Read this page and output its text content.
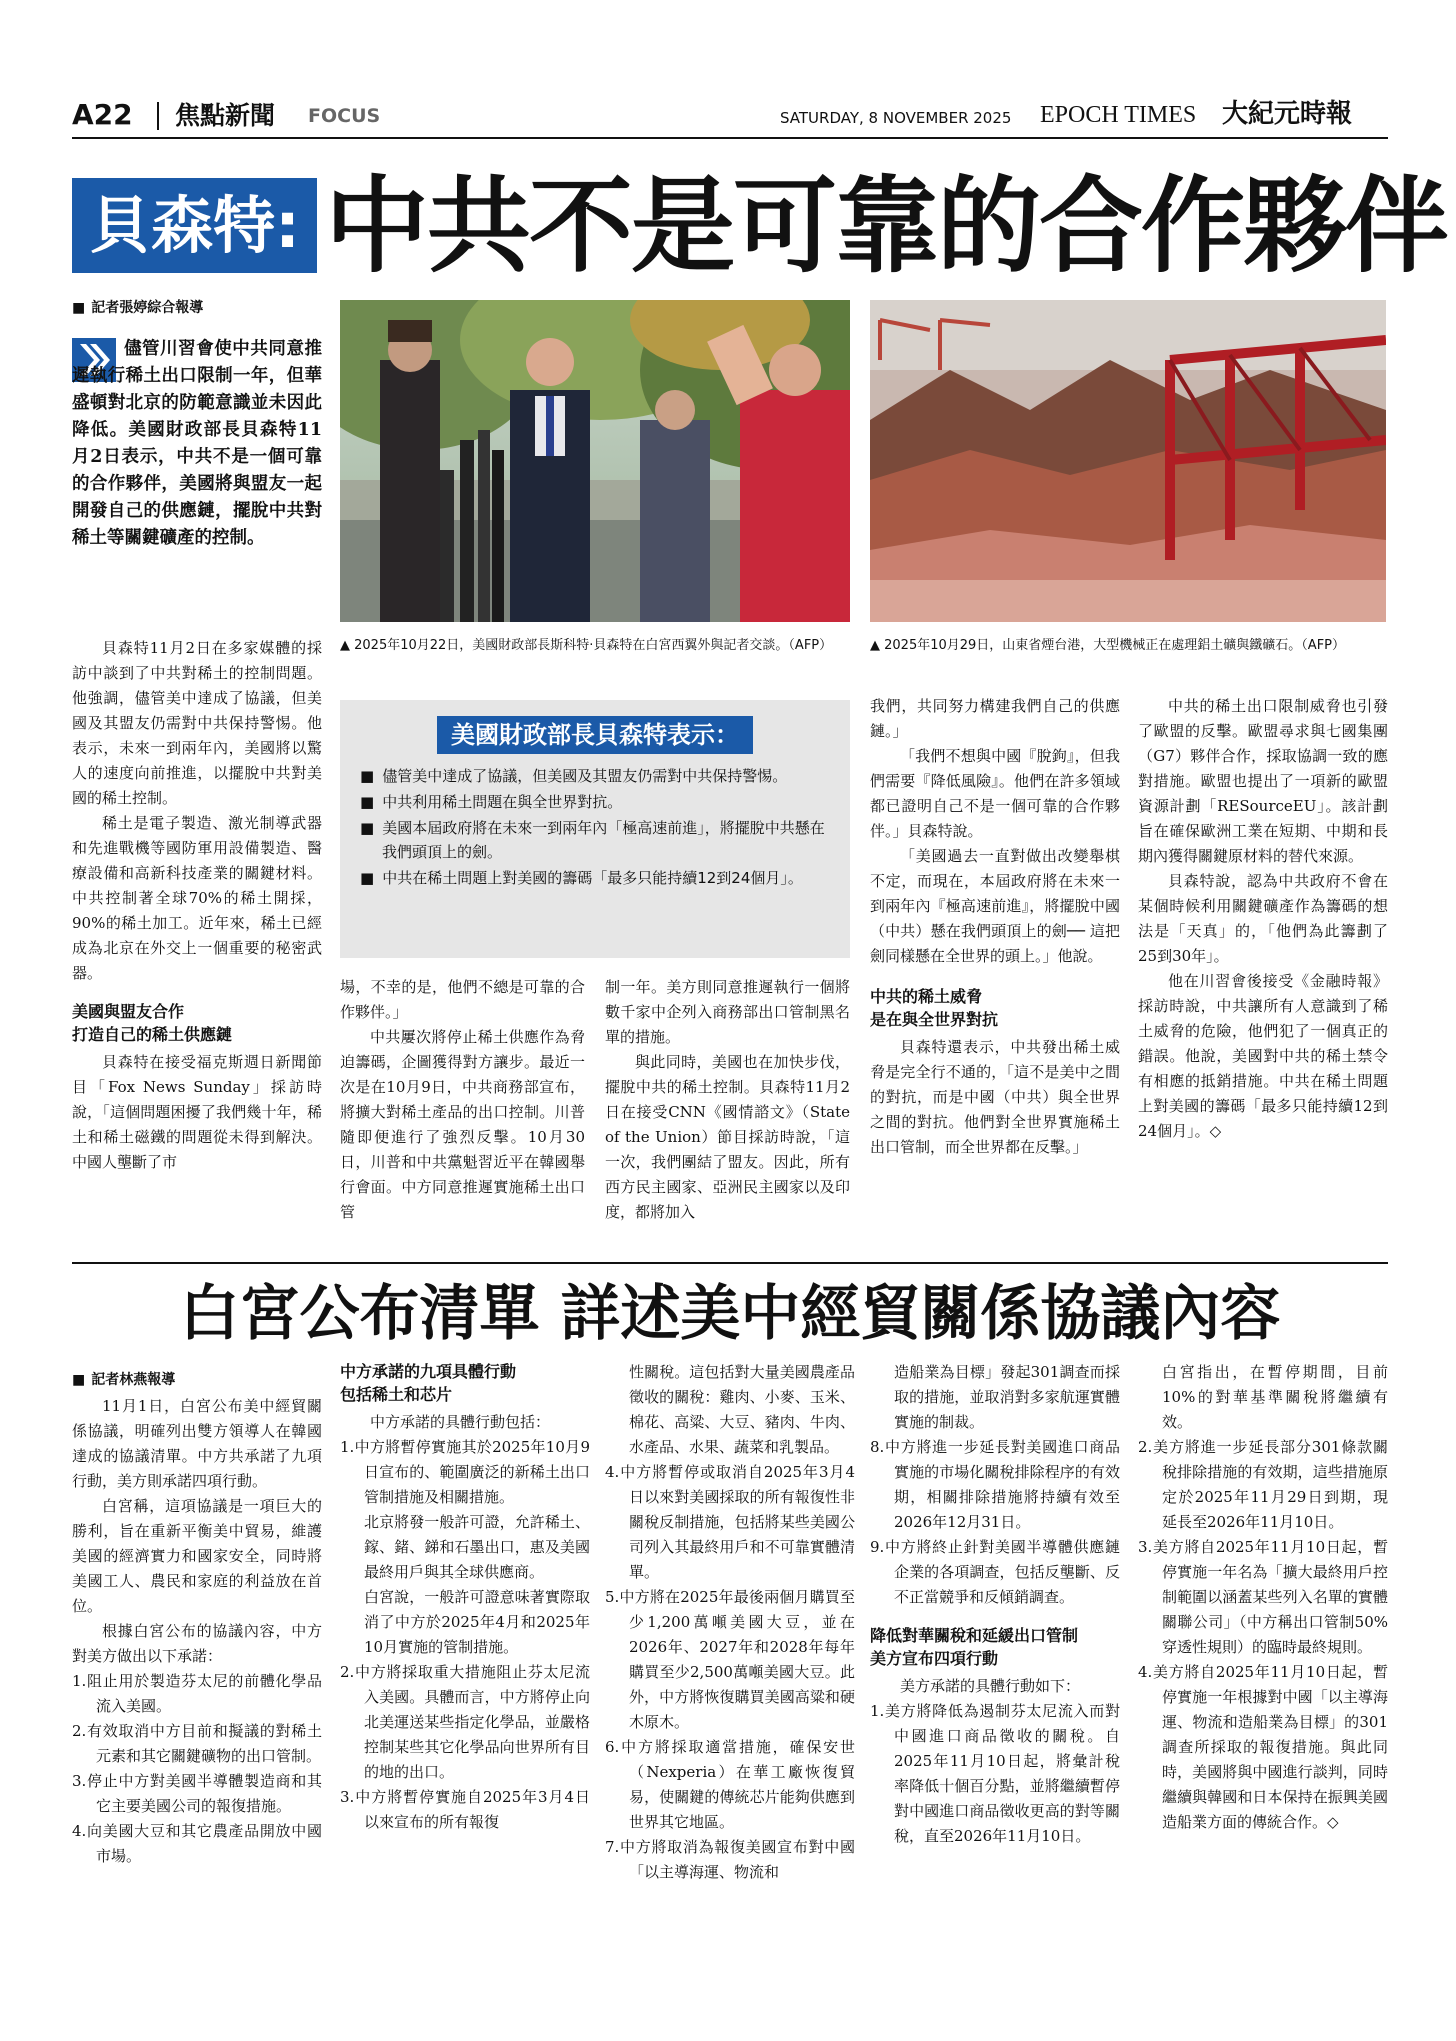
A22 焦點新聞 FOCUS	SATURDAY, 8 NOVEMBER 2025 EPOCH TIMES 大紀元時報
貝森特: 中共不是可靠的合作夥伴
■ 記者張婷綜合報導

儘管川習會使中共同意推遲執行稀土出口限制一年，但華盛頓對北京的防範意識並未因此降低。美國財政部長貝森特11月2日表示，中共不是一個可靠的合作夥伴，美國將與盟友一起開發自己的供應鏈，擺脫中共對稀土等關鍵礦產的控制。

貝森特11月2日在多家媒體的採訪中談到了中共對稀土的控制問題。他強調，儘管美中達成了協議，但美國及其盟友仍需對中共保持警惕。他表示，未來一到兩年內，美國將以驚人的速度向前推進，以擺脫中共對美國的稀土控制。

稀土是電子製造、激光制導武器和先進戰機等國防軍用設備製造、醫療設備和高新科技產業的關鍵材料。中共控制著全球70%的稀土開採，90%的稀土加工。近年來，稀土已經成為北京在外交上一個重要的秘密武器。

美國與盟友合作
打造自己的稀土供應鏈

貝森特在接受福克斯週日新聞節目「Fox News Sunday」採訪時說，「這個問題困擾了我們幾十年，稀土和稀土磁鐵的問題從未得到解決。中國人壟斷了市

▲ 2025年10月22日，美國財政部長斯科特·貝森特在白宮西翼外與記者交談。（AFP）	▲ 2025年10月29日，山東省煙台港，大型機械正在處理鋁土礦與鐵礦石。（AFP）
美國財政部長貝森特表示：
■ 儘管美中達成了協議，但美國及其盟友仍需對中共保持警惕。
■ 中共利用稀土問題在與全世界對抗。
■ 美國本屆政府將在未來一到兩年內「極高速前進」，將擺脫中共懸在我們頭頂上的劍。
■ 中共在稀土問題上對美國的籌碼「最多只能持續12到24個月」。

場，不幸的是，他們不總是可靠的合作夥伴。」

中共屢次將停止稀土供應作為脅迫籌碼，企圖獲得對方讓步。最近一次是在10月9日，中共商務部宣布，將擴大對稀土產品的出口控制。川普隨即便進行了強烈反擊。10月30日，川普和中共黨魁習近平在韓國舉行會面。中方同意推遲實施稀土出口管

制一年。美方則同意推遲執行一個將數千家中企列入商務部出口管制黑名單的措施。

與此同時，美國也在加快步伐，擺脫中共的稀土控制。貝森特11月2日在接受CNN《國情諮文》（State of the Union）節目採訪時說，「這一次，我們團結了盟友。因此，所有西方民主國家、亞洲民主國家以及印度，都將加入

我們，共同努力構建我們自己的供應鏈。」

「我們不想與中國『脫鉤』，但我們需要『降低風險』。他們在許多領域都已證明自己不是一個可靠的合作夥伴。」貝森特說。

「美國過去一直對做出改變舉棋不定，而現在，本屆政府將在未來一到兩年內『極高速前進』，將擺脫中國（中共）懸在我們頭頂上的劍── 這把劍同樣懸在全世界的頭上。」他說。

中共的稀土威脅
是在與全世界對抗

貝森特還表示，中共發出稀土威脅是完全行不通的，「這不是美中之間的對抗，而是中國（中共）與全世界之間的對抗。他們對全世界實施稀土出口管制，而全世界都在反擊。」

中共的稀土出口限制威脅也引發了歐盟的反擊。歐盟尋求與七國集團（G7）夥伴合作，採取協調一致的應對措施。歐盟也提出了一項新的歐盟資源計劃「RESourceEU」。該計劃旨在確保歐洲工業在短期、中期和長期內獲得關鍵原材料的替代來源。

貝森特說，認為中共政府不會在某個時候利用關鍵礦產作為籌碼的想法是「天真」的，「他們為此籌劃了25到30年」。

他在川習會後接受《金融時報》採訪時說，中共讓所有人意識到了稀土威脅的危險，他們犯了一個真正的錯誤。他說，美國對中共的稀土禁令有相應的抵銷措施。中共在稀土問題上對美國的籌碼「最多只能持續12到24個月」。◇

白宮公布清單 詳述美中經貿關係協議內容
■ 記者林燕報導

11月1日，白宮公布美中經貿關係協議，明確列出雙方領導人在韓國達成的協議清單。中方共承諾了九項行動，美方則承諾四項行動。

白宮稱，這項協議是一項巨大的勝利，旨在重新平衡美中貿易，維護美國的經濟實力和國家安全，同時將美國工人、農民和家庭的利益放在首位。

根據白宮公布的協議內容，中方對美方做出以下承諾：

1.阻止用於製造芬太尼的前體化學品流入美國。
2.有效取消中方目前和擬議的對稀土元素和其它關鍵礦物的出口管制。
3.停止中方對美國半導體製造商和其它主要美國公司的報復措施。
4.向美國大豆和其它農產品開放中國市場。
中方承諾的九項具體行動
包括稀土和芯片

中方承諾的具體行動包括：

1.中方將暫停實施其於2025年10月9日宣布的、範圍廣泛的新稀土出口管制措施及相關措施。

北京將發一般許可證，允許稀土、鎵、鍺、銻和石墨出口，惠及美國最終用戶與其全球供應商。

白宮說，一般許可證意味著實際取消了中方於2025年4月和2025年10月實施的管制措施。

2.中方將採取重大措施阻止芬太尼流入美國。具體而言，中方將停止向北美運送某些指定化學品，並嚴格控制某些其它化學品向世界所有目的地的出口。
3.中方將暫停實施自2025年3月4日以來宣布的所有報復

性關稅。這包括對大量美國農產品徵收的關稅：雞肉、小麥、玉米、棉花、高粱、大豆、豬肉、牛肉、水產品、水果、蔬菜和乳製品。

4.中方將暫停或取消自2025年3月4日以來對美國採取的所有報復性非關稅反制措施，包括將某些美國公司列入其最終用戶和不可靠實體清單。
5.中方將在2025年最後兩個月購買至少1,200萬噸美國大豆，並在2026年、2027年和2028年每年購買至少2,500萬噸美國大豆。此外，中方將恢復購買美國高粱和硬木原木。
6.中方將採取適當措施，確保安世（Nexperia）在華工廠恢復貿易，使關鍵的傳統芯片能夠供應到世界其它地區。
7.中方將取消為報復美國宣布對中國「以主導海運、物流和

造船業為目標」發起301調查而採取的措施，並取消對多家航運實體實施的制裁。

8.中方將進一步延長對美國進口商品實施的市場化關稅排除程序的有效期，相關排除措施將持續有效至2026年12月31日。
9.中方將終止針對美國半導體供應鏈企業的各項調查，包括反壟斷、反不正當競爭和反傾銷調查。
降低對華關稅和延緩出口管制
美方宣布四項行動

美方承諾的具體行動如下：

1.美方將降低為遏制芬太尼流入而對中國進口商品徵收的關稅。自2025年11月10日起，將彙計稅率降低十個百分點，並將繼續暫停對中國進口商品徵收更高的對等關稅，直至2026年11月10日。

白宮指出，在暫停期間，目前10%的對華基準關稅將繼續有效。

2.美方將進一步延長部分301條款關稅排除措施的有效期，這些措施原定於2025年11月29日到期，現延長至2026年11月10日。
3.美方將自2025年11月10日起，暫停實施一年名為「擴大最終用戶控制範圍以涵蓋某些列入名單的實體關聯公司」（中方稱出口管制50%穿透性規則）的臨時最終規則。
4.美方將自2025年11月10日起，暫停實施一年根據對中國「以主導海運、物流和造船業為目標」的301調查所採取的報復措施。與此同時，美國將與中國進行談判，同時繼續與韓國和日本保持在振興美國造船業方面的傳統合作。◇
